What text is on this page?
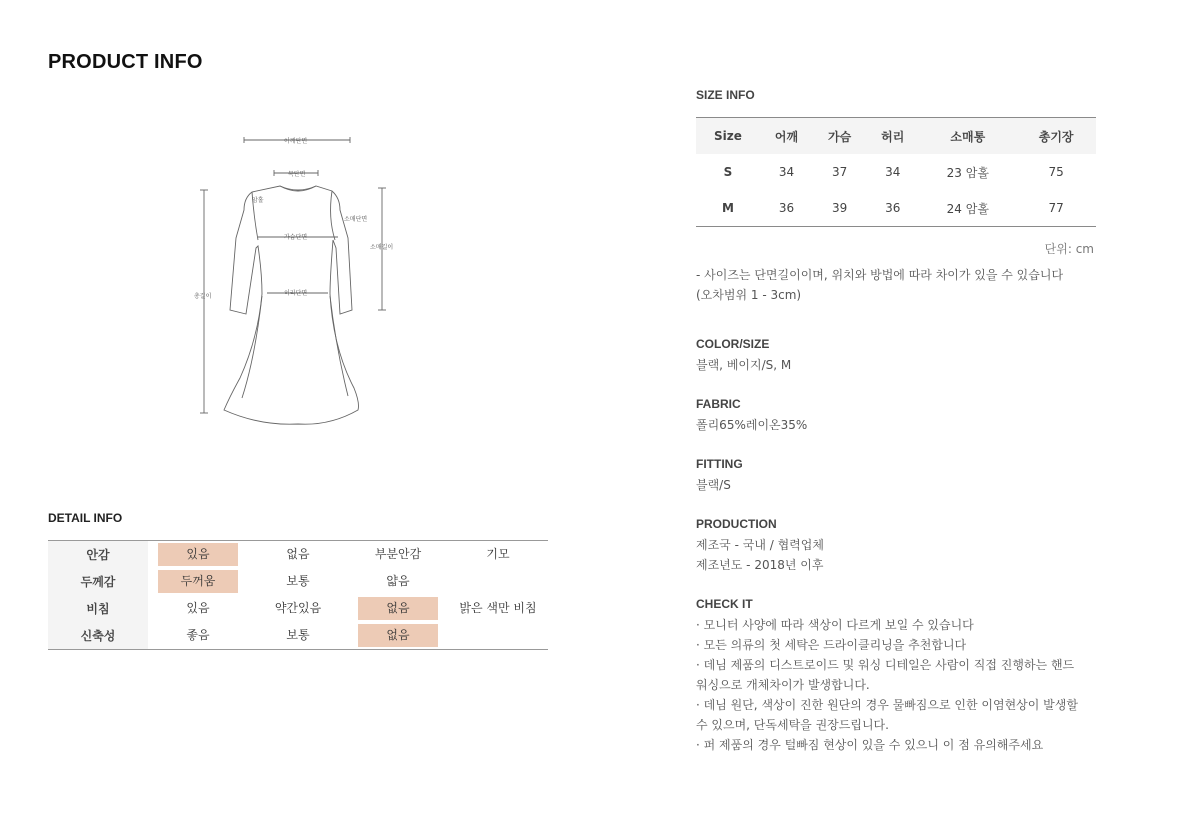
PRODUCT INFO
어깨단면
목단면
암홀
소매단면
가슴단면
소매길이
허리단면
총길이
DETAIL INFO
안감	있음	없음	부분안감	기모
두께감	두꺼움	보통	얇음	
비침	있음	약간있음	없음	밝은 색만 비침
신축성	좋음	보통	없음	
SIZE INFO
Size	어깨	가슴	허리	소매통	총기장
S	34	37	34	23 암홀	75
M	36	39	36	24 암홀	77
단위: cm
- 사이즈는 단면길이이며, 위치와 방법에 따라 차이가 있을 수 있습니다
(오차범위 1 - 3cm)
COLOR/SIZE
블랙, 베이지/S, M
FABRIC
폴리65%레이온35%
FITTING
블랙/S
PRODUCTION
제조국 - 국내 / 협력업체
제조년도 - 2018년 이후
CHECK IT
· 모니터 사양에 따라 색상이 다르게 보일 수 있습니다
· 모든 의류의 첫 세탁은 드라이클리닝을 추천합니다
· 데님 제품의 디스트로이드 및 워싱 디테일은 사람이 직접 진행하는 핸드
워싱으로 개체차이가 발생합니다.
· 데님 원단, 색상이 진한 원단의 경우 물빠짐으로 인한 이염현상이 발생할
수 있으며, 단독세탁을 권장드립니다.
· 퍼 제품의 경우 털빠짐 현상이 있을 수 있으니 이 점 유의해주세요
